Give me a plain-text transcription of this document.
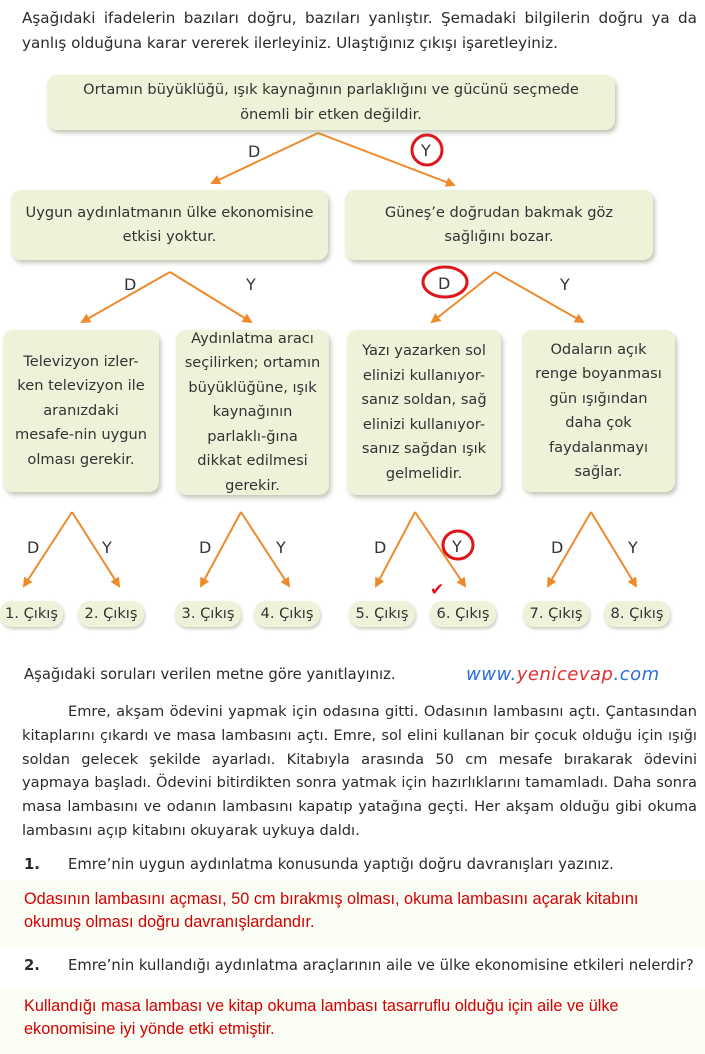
Aşağıdaki ifadelerin bazıları doğru, bazıları yanlıştır. Şemadaki bilgilerin doğru ya da yanlış olduğuna karar vererek ilerleyiniz. Ulaştığınız çıkışı işaretleyiniz.
Ortamın büyüklüğü, ışık kaynağının parlaklığını ve gücünü seçmede önemli bir etken değildir.
D	Y
Uygun aydınlatmanın ülke ekonomisine etkisi yoktur.
Güneş’e doğrudan bakmak göz sağlığını bozar.
D	Y	D	Y
Televizyon izler-ken televizyon ile aranızdaki mesafe-nin uygun olması gerekir.
Aydınlatma aracı seçilirken; ortamın büyüklüğüne, ışık kaynağının parlaklı-ğına dikkat edilmesi gerekir.
Yazı yazarken sol elinizi kullanıyor-sanız soldan, sağ elinizi kullanıyor-sanız sağdan ışık gelmelidir.
Odaların açık renge boyanması gün ışığından daha çok faydalanmayı sağlar.
D	Y	D	Y	D	Y	D	Y
1. Çıkış	2. Çıkış	3. Çıkış	4. Çıkış	5. Çıkış	6. Çıkış	7. Çıkış	8. Çıkış
✔
Aşağıdaki soruları verilen metne göre yanıtlayınız.	www.yenicevap.com
Emre, akşam ödevini yapmak için odasına gitti. Odasının lambasını açtı. Çantasından kitaplarını çıkardı ve masa lambasını açtı. Emre, sol elini kullanan bir çocuk olduğu için ışığı soldan gelecek şekilde ayarladı. Kitabıyla arasında 50 cm mesafe bırakarak ödevini yapmaya başladı. Ödevini bitirdikten sonra yatmak için hazırlıklarını tamamladı. Daha sonra masa lambasını ve odanın lambasını kapatıp yatağına geçti. Her akşam olduğu gibi okuma lambasını açıp kitabını okuyarak uykuya daldı.
1. Emre’nin uygun aydınlatma konusunda yaptığı doğru davranışları yazınız.
Odasının lambasını açması, 50 cm bırakmış olması, okuma lambasını açarak kitabını okumuş olması doğru davranışlardandır.
2. Emre’nin kullandığı aydınlatma araçlarının aile ve ülke ekonomisine etkileri nelerdir?
Kullandığı masa lambası ve kitap okuma lambası tasarruflu olduğu için aile ve ülke ekonomisine iyi yönde etki etmiştir.
